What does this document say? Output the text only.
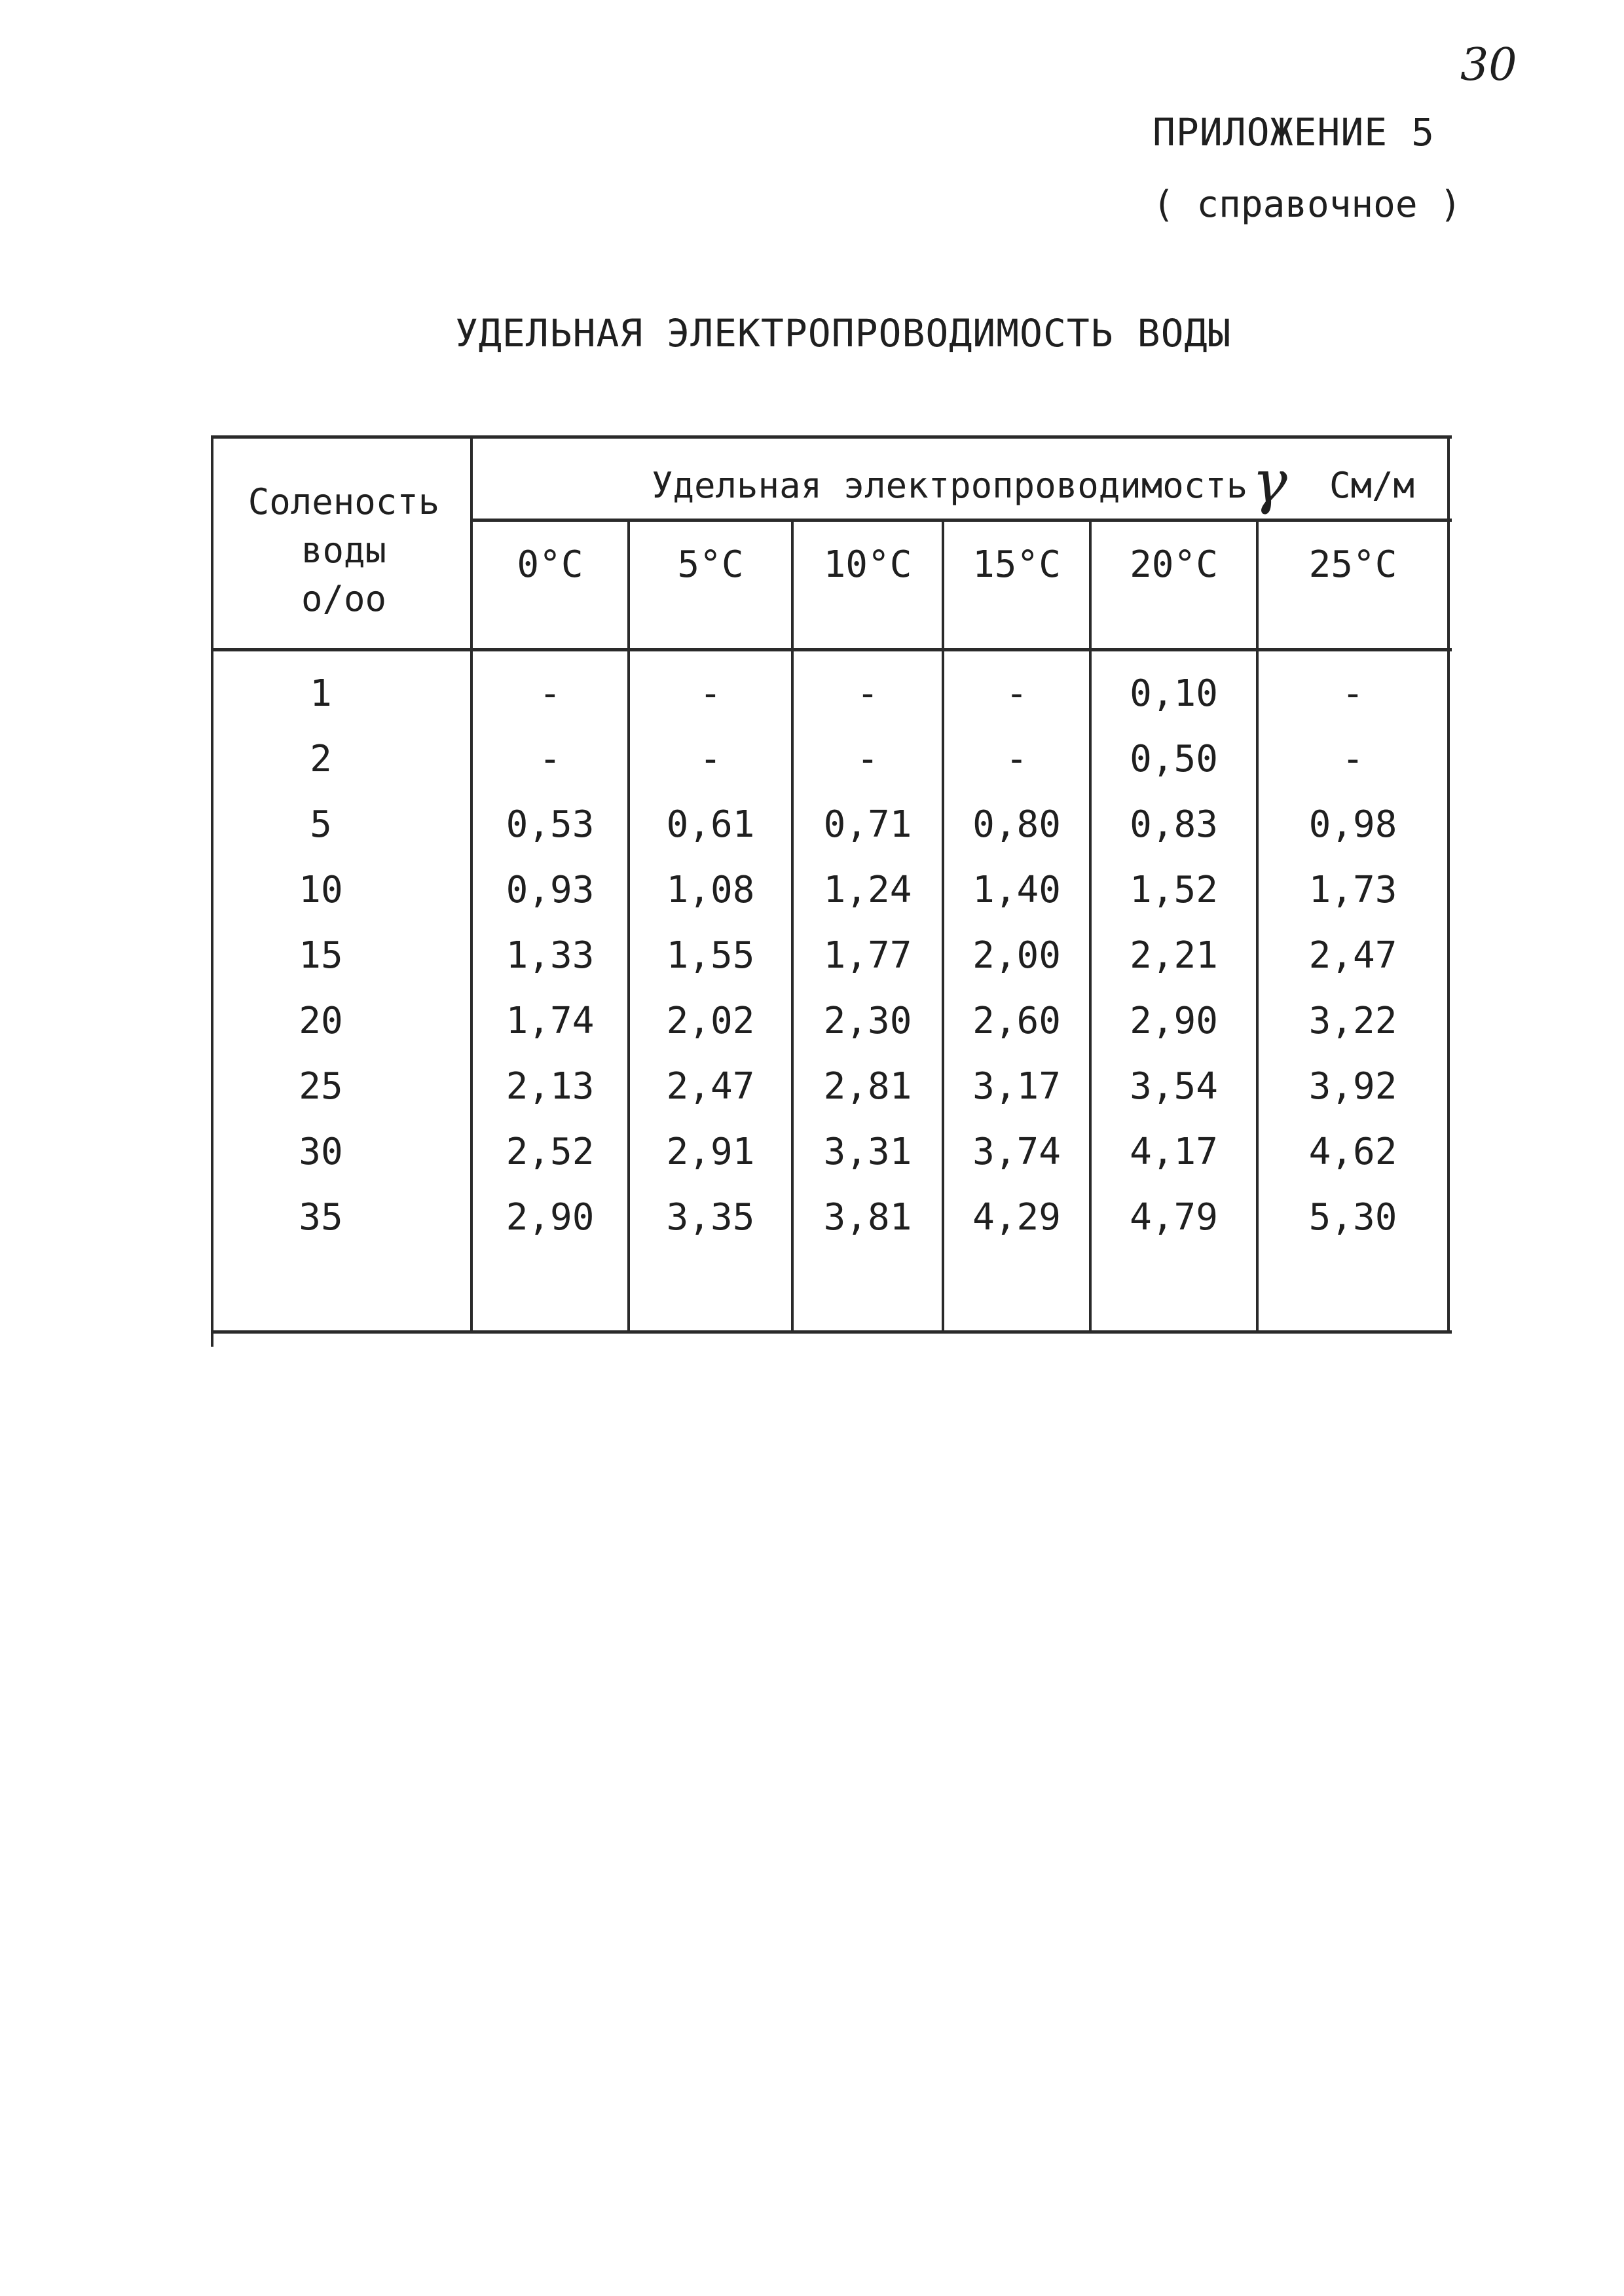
30
ПРИЛОЖЕНИЕ 5
( справочное )
УДЕЛЬНАЯ ЭЛЕКТРОПРОВОДИМОСТЬ ВОДЫ
Соленость
воды
о/оо
Удельная электропроводимость γ См/м
0°C	5°C	10°C	15°C	20°C	25°C
1	-	-	-	-	0,10	-
2	-	-	-	-	0,50	-
5	0,53	0,61	0,71	0,80	0,83	0,98
10	0,93	1,08	1,24	1,40	1,52	1,73
15	1,33	1,55	1,77	2,00	2,21	2,47
20	1,74	2,02	2,30	2,60	2,90	3,22
25	2,13	2,47	2,81	3,17	3,54	3,92
30	2,52	2,91	3,31	3,74	4,17	4,62
35	2,90	3,35	3,81	4,29	4,79	5,30
